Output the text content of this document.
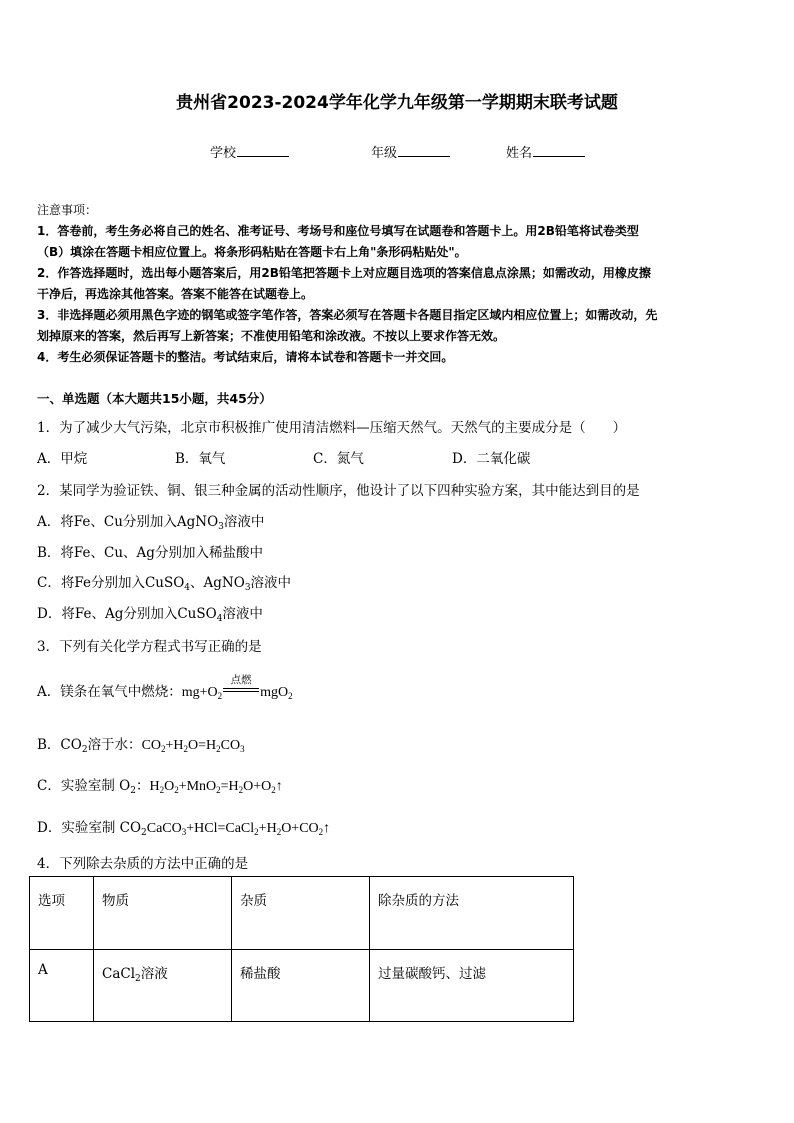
贵州省2023-2024学年化学九年级第一学期期末联考试题
学校	年级	姓名
注意事项：
1．答卷前，考生务必将自己的姓名、准考证号、考场号和座位号填写在试题卷和答题卡上。用2B铅笔将试卷类型
（B）填涂在答题卡相应位置上。将条形码粘贴在答题卡右上角"条形码粘贴处"。
2．作答选择题时，选出每小题答案后，用2B铅笔把答题卡上对应题目选项的答案信息点涂黑；如需改动，用橡皮擦
干净后，再选涂其他答案。答案不能答在试题卷上。
3．非选择题必须用黑色字迹的钢笔或签字笔作答，答案必须写在答题卡各题目指定区域内相应位置上；如需改动，先
划掉原来的答案，然后再写上新答案；不准使用铅笔和涂改液。不按以上要求作答无效。
4．考生必须保证答题卡的整洁。考试结束后，请将本试卷和答题卡一并交回。
一、单选题（本大题共15小题，共45分）
1．为了减少大气污染，北京市积极推广使用清洁燃料—压缩天然气。天然气的主要成分是（　　）
A．甲烷	B．氧气	C．氮气	D．二氧化碳
2．某同学为验证铁、铜、银三种金属的活动性顺序，他设计了以下四种实验方案，其中能达到目的是
A．将Fe、Cu分别加入AgNO$_3$溶液中
B．将Fe、Cu、Ag分别加入稀盐酸中
C．将Fe分别加入CuSO$_4$、AgNO$_3$溶液中
D．将Fe、Ag分别加入CuSO$_4$溶液中
3．下列有关化学方程式书写正确的是
A．镁条在氧气中燃烧：$mg+O_2$
点燃
mgO$_2$
B．$CO_2$溶于水：$CO_2+H_2O=H_2CO_3$
C．实验室制 $O_2$：$H_2O_2+MnO_2=H_2O+O_2↑$
D．实验室制 $CO_2CaCO_3+HCl=CaCl_2+H_2O+CO_2↑$
4．下列除去杂质的方法中正确的是
选项	物质	杂质	除杂质的方法
A	CaCl$_2$溶液	稀盐酸	过量碳酸钙、过滤
